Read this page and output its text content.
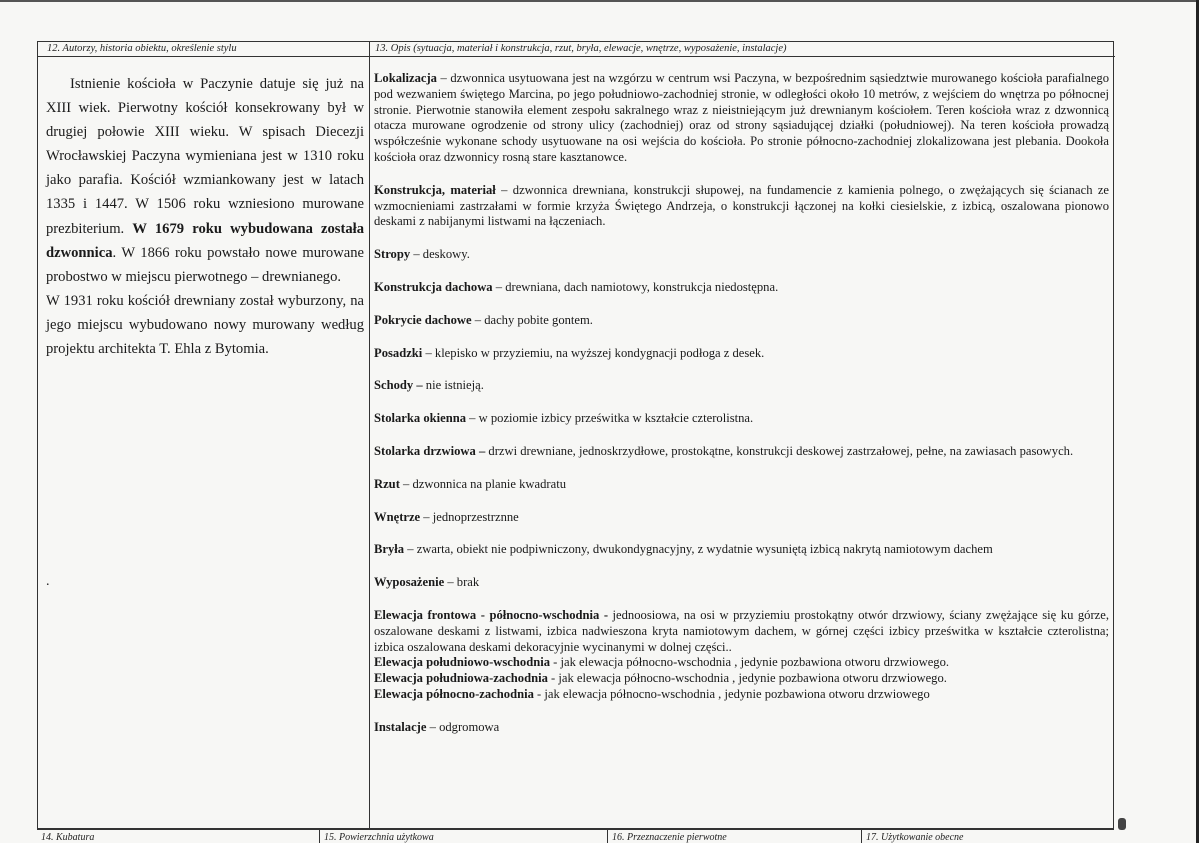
12. Autorzy, historia obiektu, określenie stylu	13. Opis (sytuacja, materiał i konstrukcja, rzut, bryła, elewacje, wnętrze, wyposażenie, instalacje)

Istnienie kościoła w Paczynie datuje się już na XIII wiek. Pierwotny kościół konsekrowany był w drugiej połowie XIII wieku. W spisach Diecezji Wrocławskiej Paczyna wymieniana jest w 1310 roku jako parafia. Kościół wzmiankowany jest w latach 1335 i 1447. W 1506 roku wzniesiono murowane prezbiterium. W 1679 roku wybudowana została dzwonnica. W 1866 roku powstało nowe murowane probostwo w miejscu pierwotnego – drewnianego.

W 1931 roku kościół drewniany został wyburzony, na jego miejscu wybudowano nowy murowany według projektu architekta T. Ehla z Bytomia.

.

Lokalizacja – dzwonnica usytuowana jest na wzgórzu w centrum wsi Paczyna, w bezpośrednim sąsiedztwie murowanego kościoła parafialnego pod wezwaniem świętego Marcina, po jego południowo-zachodniej stronie, w odległości około 10 metrów, z wejściem do wnętrza po północnej stronie. Pierwotnie stanowiła element zespołu sakralnego wraz z nieistniejącym już drewnianym kościołem. Teren kościoła wraz z dzwonnicą otacza murowane ogrodzenie od strony ulicy (zachodniej) oraz od strony sąsiadującej działki (południowej). Na teren kościoła prowadzą współcześnie wykonane schody usytuowane na osi wejścia do kościoła. Po stronie północno-zachodniej zlokalizowana jest plebania. Dookoła kościoła oraz dzwonnicy rosną stare kasztanowce.

Konstrukcja, materiał – dzwonnica drewniana, konstrukcji słupowej, na fundamencie z kamienia polnego, o zwężających się ścianach ze wzmocnieniami zastrzałami w formie krzyża Świętego Andrzeja, o konstrukcji łączonej na kołki ciesielskie, z izbicą, oszalowana pionowo deskami z nabijanymi listwami na łączeniach.

Stropy – deskowy.

Konstrukcja dachowa – drewniana, dach namiotowy, konstrukcja niedostępna.

Pokrycie dachowe – dachy pobite gontem.

Posadzki – klepisko w przyziemiu, na wyższej kondygnacji podłoga z desek.

Schody – nie istnieją.

Stolarka okienna – w poziomie izbicy prześwitka w kształcie czterolistna.

Stolarka drzwiowa – drzwi drewniane, jednoskrzydłowe, prostokątne, konstrukcji deskowej zastrzałowej, pełne, na zawiasach pasowych.

Rzut – dzwonnica na planie kwadratu

Wnętrze – jednoprzestrznne

Bryła – zwarta, obiekt nie podpiwniczony, dwukondygnacyjny, z wydatnie wysuniętą izbicą nakrytą namiotowym dachem

Wyposażenie – brak

Elewacja frontowa - północno-wschodnia - jednoosiowa, na osi w przyziemiu prostokątny otwór drzwiowy, ściany zwężające się ku górze, oszalowane deskami z listwami, izbica nadwieszona kryta namiotowym dachem, w górnej części izbicy prześwitka w kształcie czterolistna; izbica oszalowana deskami dekoracyjnie wycinanymi w dolnej części..

Elewacja południowo-wschodnia - jak elewacja północno-wschodnia , jedynie pozbawiona otworu drzwiowego.

Elewacja południowa-zachodnia - jak elewacja północno-wschodnia , jedynie pozbawiona otworu drzwiowego.

Elewacja północno-zachodnia - jak elewacja północno-wschodnia , jedynie pozbawiona otworu drzwiowego

Instalacje – odgromowa

14. Kubatura	15. Powierzchnia użytkowa	16. Przeznaczenie pierwotne	17. Użytkowanie obecne
